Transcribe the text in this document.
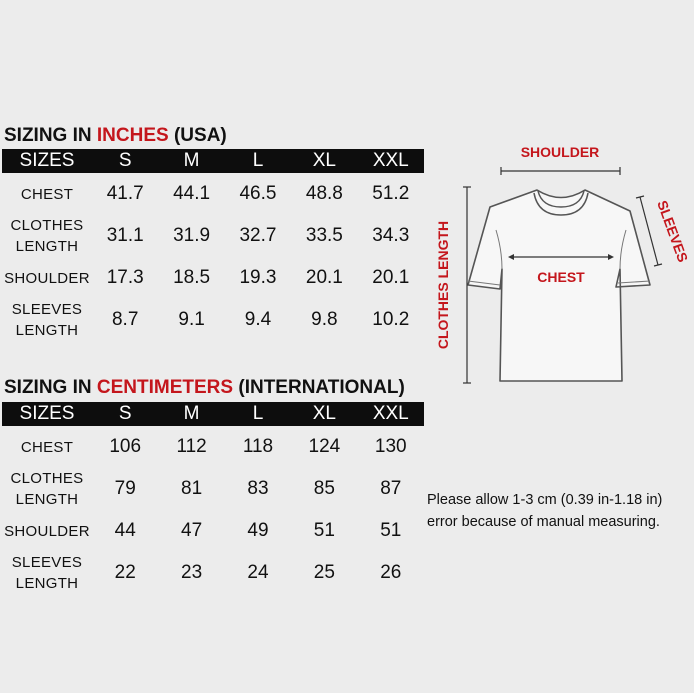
SIZING IN INCHES (USA)
SIZES	S	M	L	XL	XXL
CHEST	41.7	44.1	46.5	48.8	51.2
CLOTHES
LENGTH	31.1	31.9	32.7	33.5	34.3
SHOULDER	17.3	18.5	19.3	20.1	20.1
SLEEVES
LENGTH	8.7	9.1	9.4	9.8	10.2
SIZING IN CENTIMETERS (INTERNATIONAL)
SIZES	S	M	L	XL	XXL
CHEST	106	112	118	124	130
CLOTHES
LENGTH	79	81	83	85	87
SHOULDER	44	47	49	51	51
SLEEVES
LENGTH	22	23	24	25	26
SHOULDER
CHEST
CLOTHES LENGTH	SLEEVES
Please allow 1-3 cm (0.39 in-1.18 in)
error because of manual measuring.
